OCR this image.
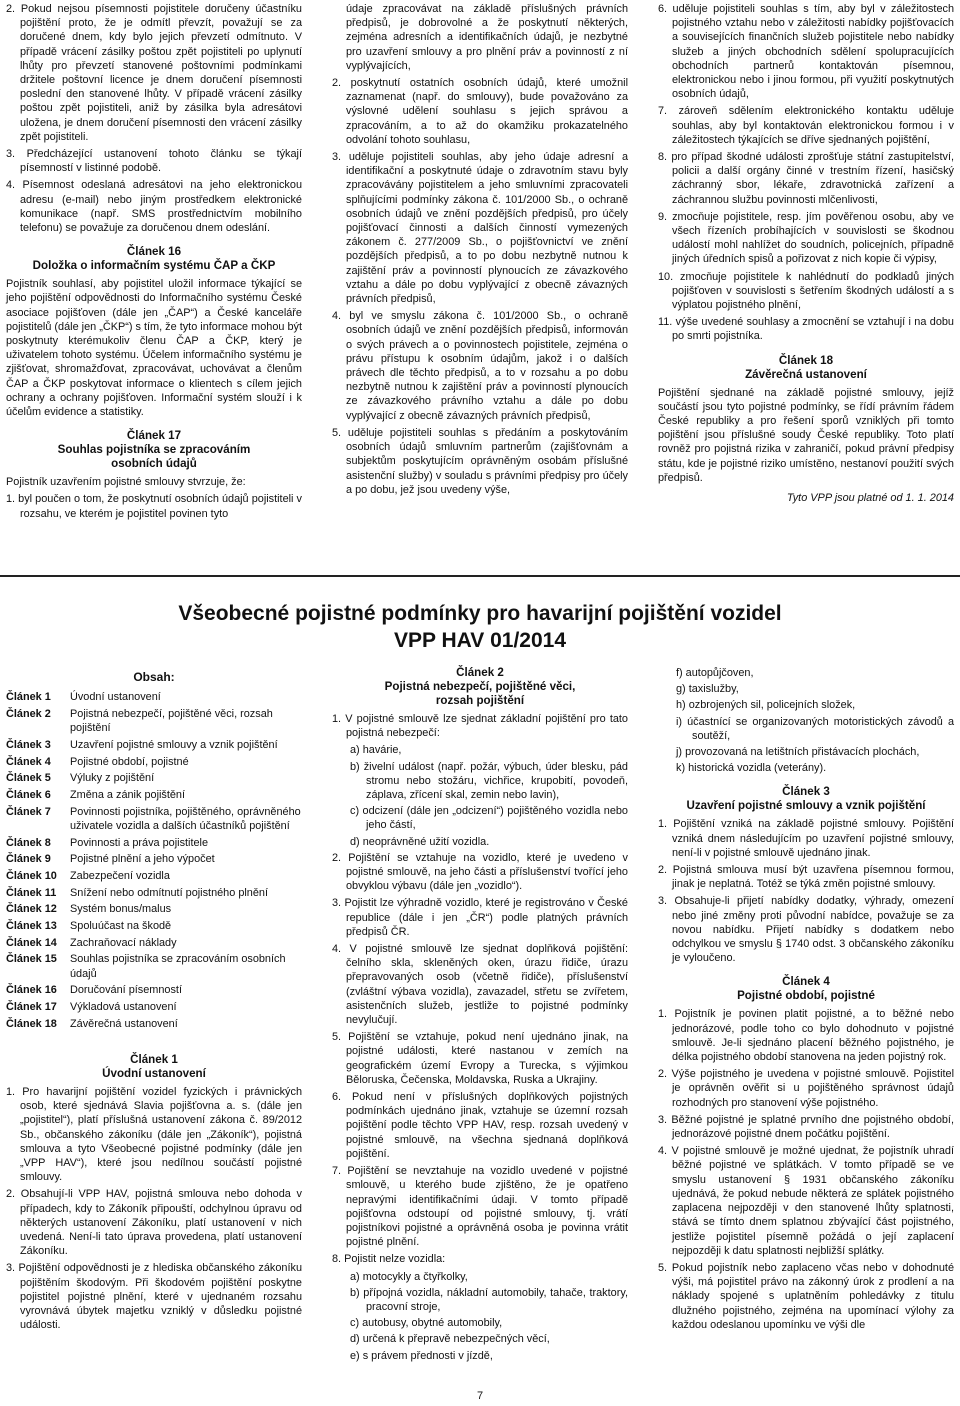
2. Pokud nejsou písemnosti pojistitele doručeny účastníku pojištění proto, že je odmítl převzít, považují se za doručené dnem, kdy bylo jejich převzetí odmítnuto. V případě vrácení zásilky poštou zpět pojistiteli po uplynutí lhůty pro převzetí stanovené poštovními podmínkami držitele poštovní licence je dnem doručení písemnosti poslední den stanovené lhůty. V případě vrácení zásilky poštou zpět pojistiteli, aniž by zásilka byla adresátovi uložena, je dnem doručení písemnosti den vrácení zásilky zpět pojistiteli.
3. Předcházející ustanovení tohoto článku se týkají písemností v listinné podobě.
4. Písemnost odeslaná adresátovi na jeho elektronickou adresu (e-mail) nebo jiným prostředkem elektronické komunikace (např. SMS prostřednictvím mobilního telefonu) se považuje za doručenou dnem odeslání.
Článek 16
Doložka o informačním systému ČAP a ČKP

Pojistník souhlasí, aby pojistitel uložil informace týkající se jeho pojištění odpovědnosti do Informačního systému České asociace pojišťoven (dále jen „ČAP“) a České kanceláře pojistitelů (dále jen „ČKP“) s tím, že tyto informace mohou být poskytnuty kterémukoliv členu ČAP a ČKP, který je uživatelem tohoto systému. Účelem informačního systému je zjišťovat, shromažďovat, zpracovávat, uchovávat a členům ČAP a ČKP poskytovat informace o klientech s cílem jejich ochrany a ochrany pojišťoven. Informační systém slouží i k účelům evidence a statistiky.

Článek 17
Souhlas pojistníka se zpracováním
osobních údajů

Pojistník uzavřením pojistné smlouvy stvrzuje, že:

1. byl poučen o tom, že poskytnutí osobních údajů pojistiteli v rozsahu, ve kterém je pojistitel povinen tyto

údaje zpracovávat na základě příslušných právních předpisů, je dobrovolné a že poskytnutí některých, zejména adresních a identifikačních údajů, je nezbytné pro uzavření smlouvy a pro plnění práv a povinností z ní vyplývajících,

2. poskytnutí ostatních osobních údajů, které umožnil zaznamenat (např. do smlouvy), bude považováno za výslovné udělení souhlasu s jejich správou a zpracováním, a to až do okamžiku prokazatelného odvolání tohoto souhlasu,
3. uděluje pojistiteli souhlas, aby jeho údaje adresní a identifikační a poskytnuté údaje o zdravotním stavu byly zpracovávány pojistitelem a jeho smluvními zpracovateli splňujícími podmínky zákona č. 101/2000 Sb., o ochraně osobních údajů ve znění pozdějších předpisů, pro účely pojišťovací činnosti a dalších činností vymezených zákonem č. 277/2009 Sb., o pojišťovnictví ve znění pozdějších předpisů, a to po dobu nezbytně nutnou k zajištění práv a povinností plynoucích ze závazkového vztahu a dále po dobu vyplývající z obecně závazných právních předpisů,
4. byl ve smyslu zákona č. 101/2000 Sb., o ochraně osobních údajů ve znění pozdějších předpisů, informován o svých právech a o povinnostech pojistitele, zejména o právu přístupu k osobním údajům, jakož i o dalších právech dle těchto předpisů, a to v rozsahu a po dobu nezbytně nutnou k zajištění práv a povinností plynoucích ze závazkového právního vztahu a dále po dobu vyplývající z obecně závazných právních předpisů,
5. uděluje pojistiteli souhlas s předáním a poskytováním osobních údajů smluvním partnerům (zajišťovnám a subjektům poskytujícím oprávněným osobám příslušné asistenční služby) v souladu s právními předpisy pro účely a po dobu, jež jsou uvedeny výše,
6. uděluje pojistiteli souhlas s tím, aby byl v záležitostech pojistného vztahu nebo v záležitosti nabídky pojišťovacích a souvisejících finančních služeb pojistitele nebo nabídky služeb a jiných obchodních sdělení spolupracujících obchodních partnerů kontaktován písemnou, elektronickou nebo i jinou formou, při využití poskytnutých osobních údajů,
7. zároveň sdělením elektronického kontaktu uděluje souhlas, aby byl kontaktován elektronickou formou i v záležitostech týkajících se dříve sjednaných pojištění,
8. pro případ škodné události zprošťuje státní zastupitelství, policii a další orgány činné v trestním řízení, hasičský záchranný sbor, lékaře, zdravotnická zařízení a záchrannou službu povinnosti mlčenlivosti,
9. zmocňuje pojistitele, resp. jím pověřenou osobu, aby ve všech řízeních probíhajících v souvislosti se škodnou událostí mohl nahlížet do soudních, policejních, případně jiných úředních spisů a pořizovat z nich kopie či výpisy,
10. zmocňuje pojistitele k nahlédnutí do podkladů jiných pojišťoven v souvislosti s šetřením škodných událostí a s výplatou pojistného plnění,
11. výše uvedené souhlasy a zmocnění se vztahují i na dobu po smrti pojistníka.
Článek 18
Závěrečná ustanovení

Pojištění sjednané na základě pojistné smlouvy, jejíž součástí jsou tyto pojistné podmínky, se řídí právním řádem České republiky a pro řešení sporů vzniklých při tomto pojištění jsou příslušné soudy České republiky. Toto platí rovněž pro pojistná rizika v zahraničí, pokud právní předpisy státu, kde je pojistné riziko umístěno, nestanoví použití svých předpisů.

Tyto VPP jsou platné od 1. 1. 2014
Všeobecné pojistné podmínky pro havarijní pojištění vozidel
VPP HAV 01/2014
Obsah:
Článek 1	Úvodní ustanovení
Článek 2	Pojistná nebezpečí, pojištěné věci, rozsah pojištění
Článek 3	Uzavření pojistné smlouvy a vznik pojištění
Článek 4	Pojistné období, pojistné
Článek 5	Výluky z pojištění
Článek 6	Změna a zánik pojištění
Článek 7	Povinnosti pojistníka, pojištěného, oprávněného uživatele vozidla a dalších účastníků pojištění
Článek 8	Povinnosti a práva pojistitele
Článek 9	Pojistné plnění a jeho výpočet
Článek 10	Zabezpečení vozidla
Článek 11	Snížení nebo odmítnutí pojistného plnění
Článek 12	Systém bonus/malus
Článek 13	Spoluúčast na škodě
Článek 14	Zachraňovací náklady
Článek 15	Souhlas pojistníka se zpracováním osobních údajů
Článek 16	Doručování písemností
Článek 17	Výkladová ustanovení
Článek 18	Závěrečná ustanovení
Článek 1
Úvodní ustanovení
1. Pro havarijní pojištění vozidel fyzických i právnických osob, které sjednává Slavia pojišťovna a. s. (dále jen „pojistitel“), platí příslušná ustanovení zákona č. 89/2012 Sb., občanského zákoníku (dále jen „Zákoník“), pojistná smlouva a tyto Všeobecné pojistné podmínky (dále jen „VPP HAV“), které jsou nedílnou součástí pojistné smlouvy.
2. Obsahují-li VPP HAV, pojistná smlouva nebo dohoda v případech, kdy to Zákoník připouští, odchylnou úpravu od některých ustanovení Zákoníku, platí ustanovení v nich uvedená. Není-li tato úprava provedena, platí ustanovení Zákoníku.
3. Pojištění odpovědnosti je z hlediska občanského zákoníku pojištěním škodovým. Při škodovém pojištění poskytne pojistitel pojistné plnění, které v ujednaném rozsahu vyrovnává úbytek majetku vzniklý v důsledku pojistné události.
Článek 2
Pojistná nebezpečí, pojištěné věci,
rozsah pojištění
1. V pojistné smlouvě lze sjednat základní pojištění pro tato pojistná nebezpečí:
a) havárie,
b) živelní událost (např. požár, výbuch, úder blesku, pád stromu nebo stožáru, vichřice, krupobití, povodeň, záplava, zřícení skal, zemin nebo lavin),
c) odcizení (dále jen „odcizení“) pojištěného vozidla nebo jeho částí,
d) neoprávněné užití vozidla.
2. Pojištění se vztahuje na vozidlo, které je uvedeno v pojistné smlouvě, na jeho části a příslušenství tvořící jeho obvyklou výbavu (dále jen „vozidlo“).
3. Pojistit lze výhradně vozidlo, které je registrováno v České republice (dále i jen „ČR“) podle platných právních předpisů ČR.
4. V pojistné smlouvě lze sjednat doplňková pojištění: čelního skla, skleněných oken, úrazu řidiče, úrazu přepravovaných osob (včetně řidiče), příslušenství (zvláštní výbava vozidla), zavazadel, střetu se zvířetem, asistenčních služeb, jestliže to pojistné podmínky nevylučují.
5. Pojištění se vztahuje, pokud není ujednáno jinak, na pojistné události, které nastanou v zemích na geografickém území Evropy a Turecka, s výjimkou Běloruska, Čečenska, Moldavska, Ruska a Ukrajiny.
6. Pokud není v příslušných doplňkových pojistných podmínkách ujednáno jinak, vztahuje se územní rozsah pojištění podle těchto VPP HAV, resp. rozsah uvedený v pojistné smlouvě, na všechna sjednaná doplňková pojištění.
7. Pojištění se nevztahuje na vozidlo uvedené v pojistné smlouvě, u kterého bude zjištěno, že je opatřeno nepravými identifikačními údaji. V tomto případě pojišťovna odstoupí od pojistné smlouvy, tj. vrátí pojistníkovi pojistné a oprávněná osoba je povinna vrátit pojistné plnění.
8. Pojistit nelze vozidla:
a) motocykly a čtyřkolky,
b) přípojná vozidla, nákladní automobily, tahače, traktory, pracovní stroje,
c) autobusy, obytné automobily,
d) určená k přepravě nebezpečných věcí,
e) s právem přednosti v jízdě,
f) autopůjčoven,
g) taxislužby,
h) ozbrojených sil, policejních složek,
i) účastnící se organizovaných motoristických závodů a soutěží,
j) provozovaná na letištních přistávacích plochách,
k) historická vozidla (veterány).
Článek 3
Uzavření pojistné smlouvy a vznik pojištění
1. Pojištění vzniká na základě pojistné smlouvy. Pojištění vzniká dnem následujícím po uzavření pojistné smlouvy, není-li v pojistné smlouvě ujednáno jinak.
2. Pojistná smlouva musí být uzavřena písemnou formou, jinak je neplatná. Totéž se týká změn pojistné smlouvy.
3. Obsahuje-li přijetí nabídky dodatky, výhrady, omezení nebo jiné změny proti původní nabídce, považuje se za novou nabídku. Přijetí nabídky s dodatkem nebo odchylkou ve smyslu § 1740 odst. 3 občanského zákoníku je vyloučeno.
Článek 4
Pojistné období, pojistné
1. Pojistník je povinen platit pojistné, a to běžné nebo jednorázové, podle toho co bylo dohodnuto v pojistné smlouvě. Je-li sjednáno placení běžného pojistného, je délka pojistného období stanovena na jeden pojistný rok.
2. Výše pojistného je uvedena v pojistné smlouvě. Pojistitel je oprávněn ověřit si u pojištěného správnost údajů rozhodných pro stanovení výše pojistného.
3. Běžné pojistné je splatné prvního dne pojistného období, jednorázové pojistné dnem počátku pojištění.
4. V pojistné smlouvě je možné ujednat, že pojistník uhradí běžné pojistné ve splátkách. V tomto případě se ve smyslu ustanovení § 1931 občanského zákoníku ujednává, že pokud nebude některá ze splátek pojistného zaplacena nejpozději v den stanovené lhůty splatnosti, stává se tímto dnem splatnou zbývající část pojistného, jestliže pojistitel písemně požádá o její zaplacení nejpozději k datu splatnosti nejbližší splátky.
5. Pokud pojistník nebo zaplaceno včas nebo v dohodnuté výši, má pojistitel právo na zákonný úrok z prodlení a na náklady spojené s uplatněním pohledávky z titulu dlužného pojistného, zejména na upomínací výlohy za každou odeslanou upomínku ve výši dle
7
